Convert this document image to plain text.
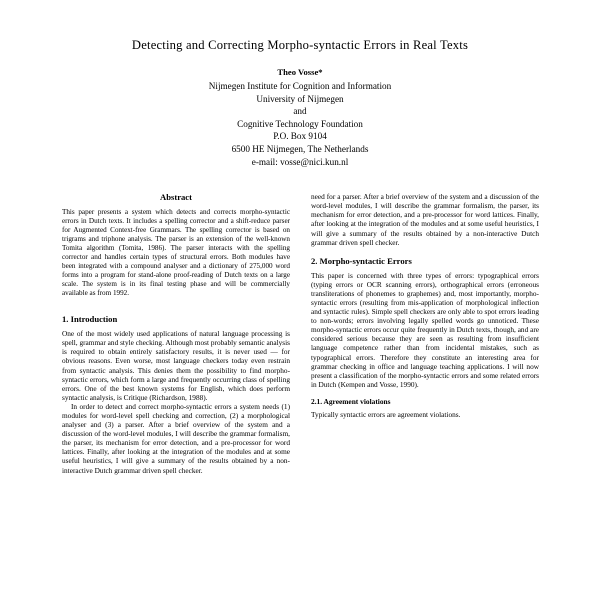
Detecting and Correcting Morpho-syntactic Errors in Real Texts
Theo Vosse*
Nijmegen Institute for Cognition and Information
University of Nijmegen
and
Cognitive Technology Foundation
P.O. Box 9104
6500 HE Nijmegen, The Netherlands
e-mail: vosse@nici.kun.nl
Abstract

This paper presents a system which detects and corrects morpho-syntactic errors in Dutch texts. It includes a spelling corrector and a shift-reduce parser for Augmented Context-free Grammars. The spelling corrector is based on trigrams and triphone analysis. The parser is an extension of the well-known Tomita algorithm (Tomita, 1986). The parser interacts with the spelling corrector and handles certain types of structural errors. Both modules have been integrated with a compound analyser and a dictionary of 275,000 word forms into a program for stand-alone proof-reading of Dutch texts on a large scale. The system is in its final testing phase and will be commercially available as from 1992.

1. Introduction

One of the most widely used applications of natural language processing is spell, grammar and style checking. Although most probably semantic analysis is required to obtain entirely satisfactory results, it is never used — for obvious reasons. Even worse, most language checkers today even restrain from syntactic analysis. This denies them the possibility to find morpho-syntactic errors, which form a large and frequently occurring class of spelling errors. One of the best known systems for English, which does perform syntactic analysis, is Critique (Richardson, 1988).

In order to detect and correct morpho-syntactic errors a system needs (1) modules for word-level spell checking and correction, (2) a morphological analyser and (3) a parser. After a brief overview of the system and a discussion of the word-level modules, I will describe the grammar formalism, the parser, its mechanism for error detection, and a pre-processor for word lattices. Finally, after looking at the integration of the modules and at some useful heuristics, I will give a summary of the results obtained by a non-interactive Dutch grammar driven spell checker.

need for a parser. After a brief overview of the system and a discussion of the word-level modules, I will describe the grammar formalism, the parser, its mechanism for error detection, and a pre-processor for word lattices. Finally, after looking at the integration of the modules and at some useful heuristics, I will give a summary of the results obtained by a non-interactive Dutch grammar driven spell checker.

2. Morpho-syntactic Errors

This paper is concerned with three types of errors: typographical errors (typing errors or OCR scanning errors), orthographical errors (erroneous transliterations of phonemes to graphemes) and, most importantly, morpho-syntactic errors (resulting from mis-application of morphological inflection and syntactic rules). Simple spell checkers are only able to spot errors leading to non-words; errors involving legally spelled words go unnoticed. These morpho-syntactic errors occur quite frequently in Dutch texts, though, and are considered serious because they are seen as resulting from insufficient language competence rather than from incidental mistakes, such as typographical errors. Therefore they constitute an interesting area for grammar checking in office and language teaching applications. I will now present a classification of the morpho-syntactic errors and some related errors in Dutch (Kempen and Vosse, 1990).

2.1. Agreement violations

Typically syntactic errors are agreement violations.
